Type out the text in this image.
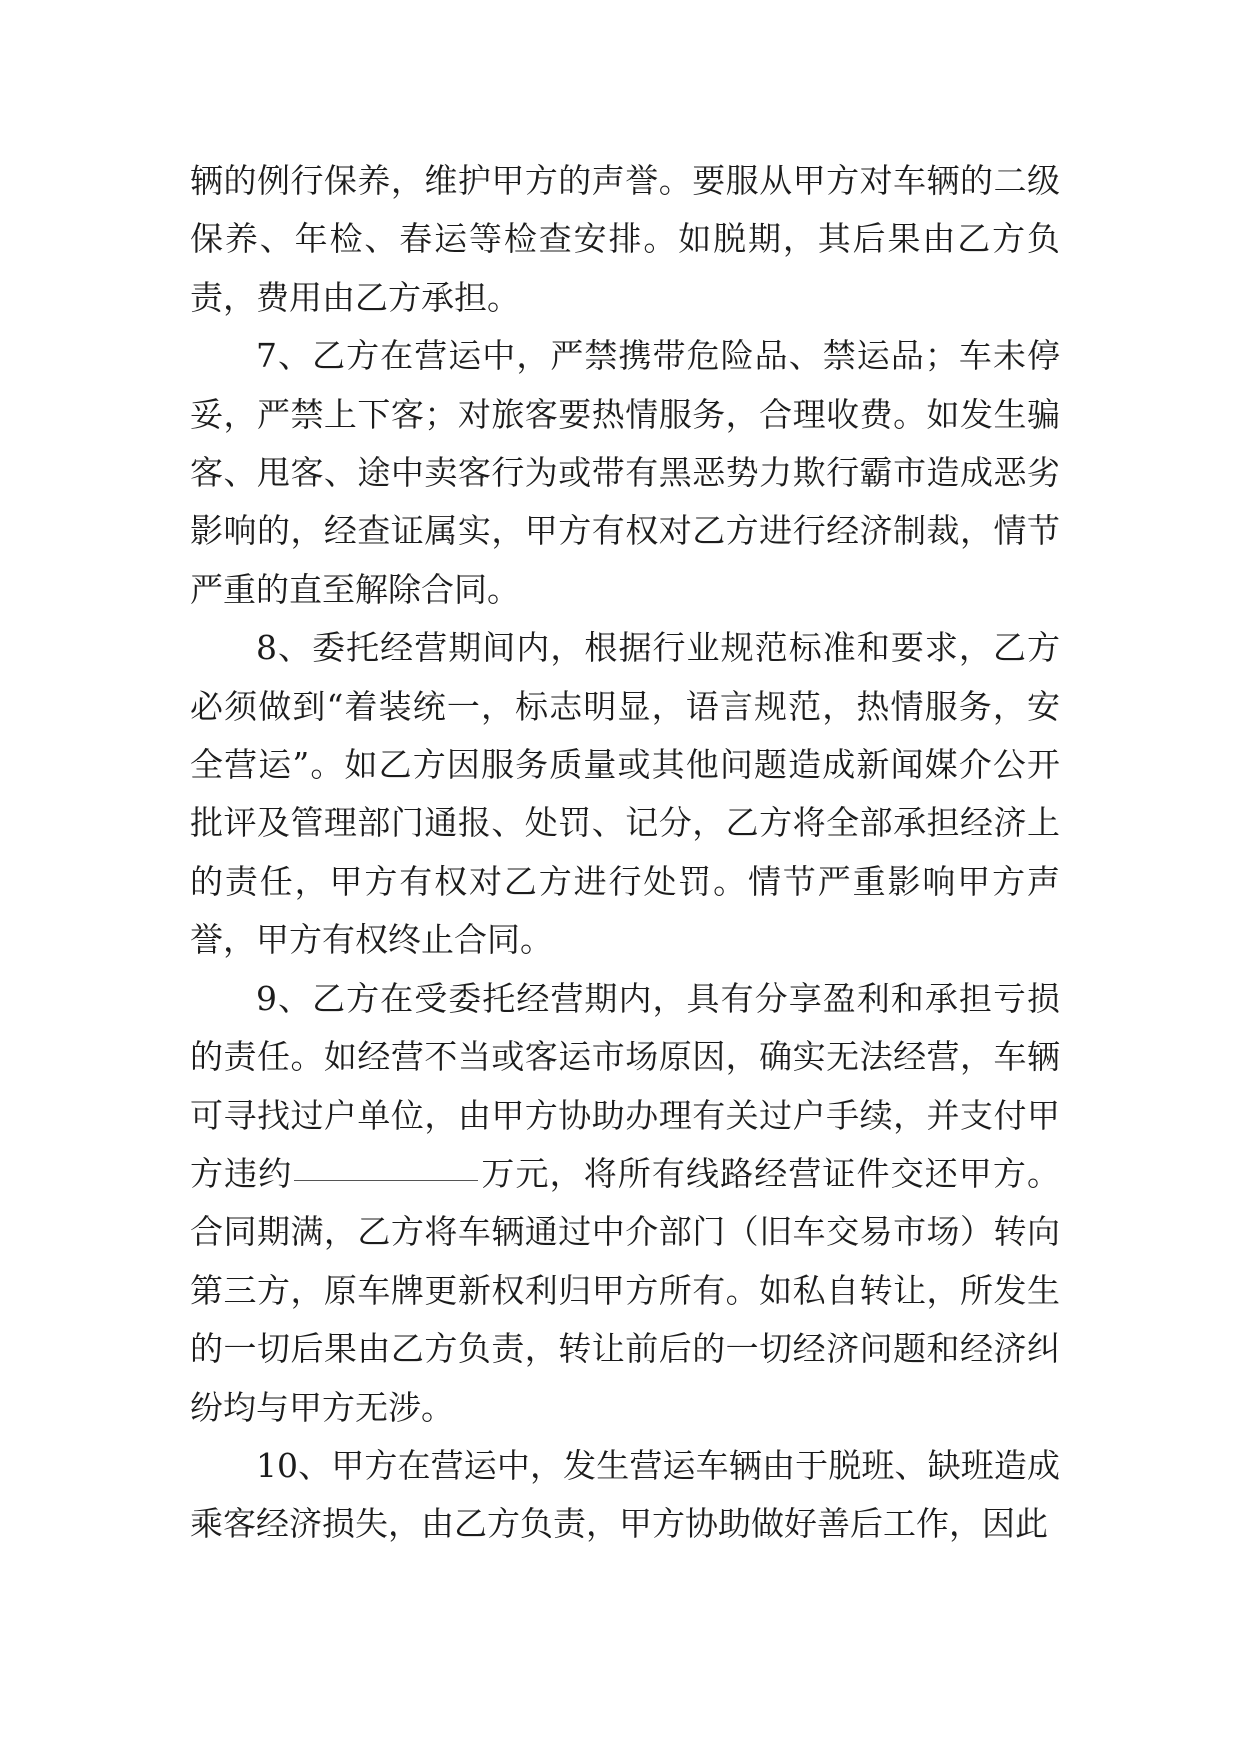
辆的例行保养，维护甲方的声誉。要服从甲方对车辆的二级保养、年检、春运等检查安排。如脱期，其后果由乙方负责，费用由乙方承担。

7、乙方在营运中，严禁携带危险品、禁运品；车未停妥，严禁上下客；对旅客要热情服务，合理收费。如发生骗客、甩客、途中卖客行为或带有黑恶势力欺行霸市造成恶劣影响的，经查证属实，甲方有权对乙方进行经济制裁，情节严重的直至解除合同。

8、委托经营期间内，根据行业规范标准和要求，乙方必须做到“着装统一，标志明显，语言规范，热情服务，安全营运”。如乙方因服务质量或其他问题造成新闻媒介公开批评及管理部门通报、处罚、记分，乙方将全部承担经济上的责任，甲方有权对乙方进行处罚。情节严重影响甲方声誉，甲方有权终止合同。

9、乙方在受委托经营期内，具有分享盈利和承担亏损的责任。如经营不当或客运市场原因，确实无法经营，车辆可寻找过户单位，由甲方协助办理有关过户手续，并支付甲方违约	万元，将所有线路经营证件交还甲方。合同期满，乙方将车辆通过中介部门（旧车交易市场）转向第三方，原车牌更新权利归甲方所有。如私自转让，所发生的一切后果由乙方负责，转让前后的一切经济问题和经济纠纷均与甲方无涉。

10、甲方在营运中，发生营运车辆由于脱班、缺班造成乘客经济损失，由乙方负责，甲方协助做好善后工作，因此
